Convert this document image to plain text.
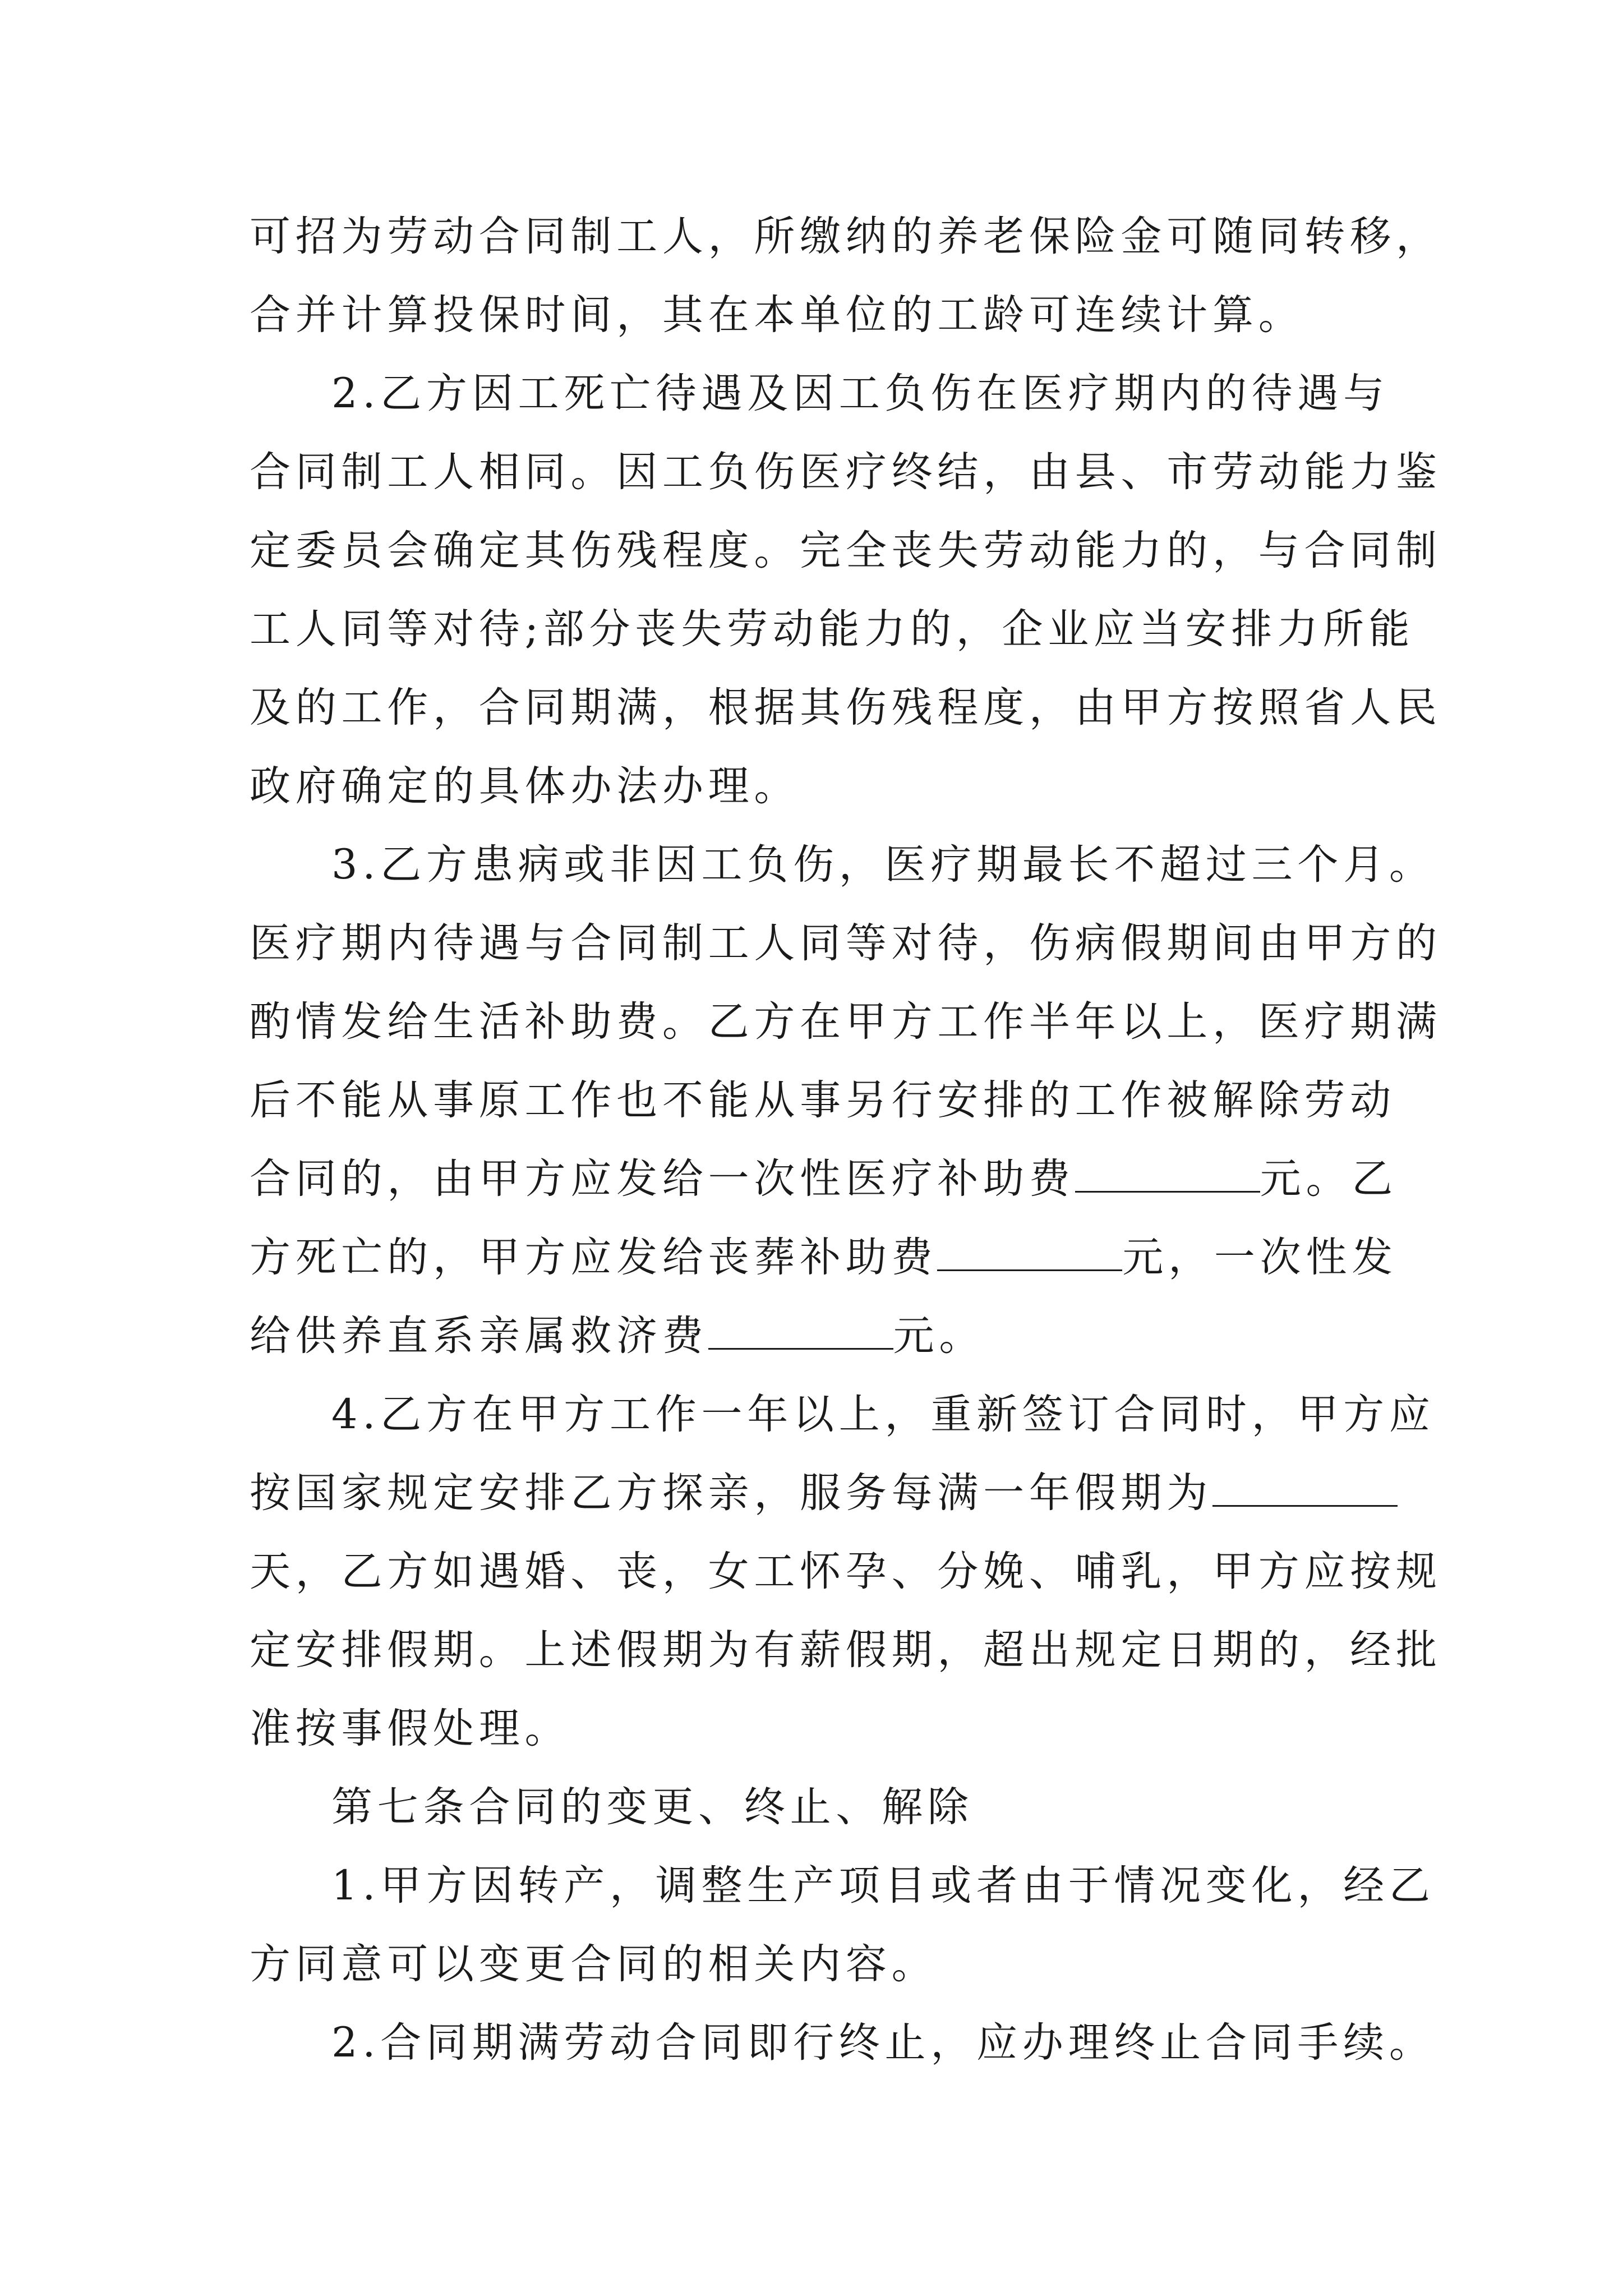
可招为劳动合同制工人，所缴纳的养老保险金可随同转移，
合并计算投保时间，其在本单位的工龄可连续计算。
2.乙方因工死亡待遇及因工负伤在医疗期内的待遇与
合同制工人相同。因工负伤医疗终结，由县、市劳动能力鉴
定委员会确定其伤残程度。完全丧失劳动能力的，与合同制
工人同等对待;部分丧失劳动能力的，企业应当安排力所能
及的工作，合同期满，根据其伤残程度，由甲方按照省人民
政府确定的具体办法办理。
3.乙方患病或非因工负伤，医疗期最长不超过三个月。
医疗期内待遇与合同制工人同等对待，伤病假期间由甲方的
酌情发给生活补助费。乙方在甲方工作半年以上，医疗期满
后不能从事原工作也不能从事另行安排的工作被解除劳动
合同的，由甲方应发给一次性医疗补助费	元。乙
方死亡的，甲方应发给丧葬补助费	元，一次性发
给供养直系亲属救济费	元。
4.乙方在甲方工作一年以上，重新签订合同时，甲方应
按国家规定安排乙方探亲，服务每满一年假期为
天，乙方如遇婚、丧，女工怀孕、分娩、哺乳，甲方应按规
定安排假期。上述假期为有薪假期，超出规定日期的，经批
准按事假处理。
第七条合同的变更、终止、解除
1.甲方因转产，调整生产项目或者由于情况变化，经乙
方同意可以变更合同的相关内容。
2.合同期满劳动合同即行终止，应办理终止合同手续。
